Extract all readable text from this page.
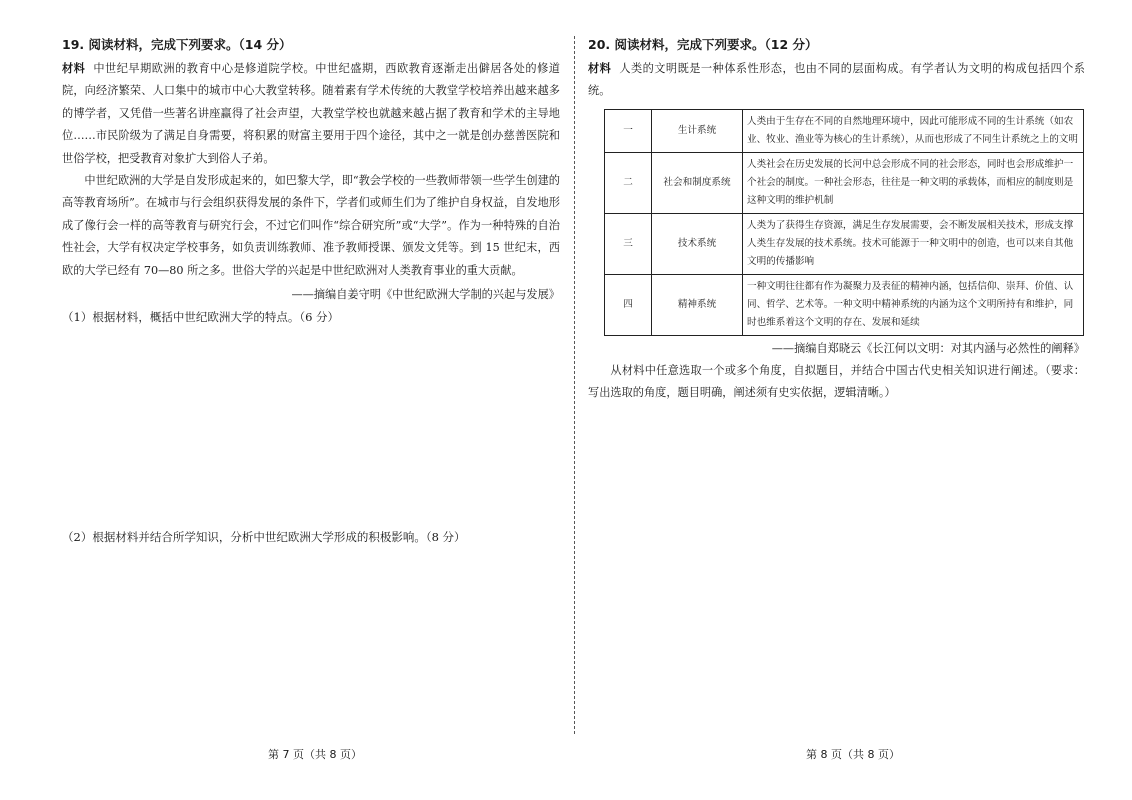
19. 阅读材料，完成下列要求。（14 分）

材料 中世纪早期欧洲的教育中心是修道院学校。中世纪盛期，西欧教育逐渐走出僻居各处的修道院，向经济繁荣、人口集中的城市中心大教堂转移。随着素有学术传统的大教堂学校培养出越来越多的博学者，又凭借一些著名讲座赢得了社会声望，大教堂学校也就越来越占据了教育和学术的主导地位……市民阶级为了满足自身需要，将积累的财富主要用于四个途径，其中之一就是创办慈善医院和世俗学校，把受教育对象扩大到俗人子弟。

中世纪欧洲的大学是自发形成起来的，如巴黎大学，即“教会学校的一些教师带领一些学生创建的高等教育场所”。在城市与行会组织获得发展的条件下，学者们或师生们为了维护自身权益，自发地形成了像行会一样的高等教育与研究行会，不过它们叫作“综合研究所”或“大学”。作为一种特殊的自治性社会，大学有权决定学校事务，如负责训练教师、准予教师授课、颁发文凭等。到 15 世纪末，西欧的大学已经有 70—80 所之多。世俗大学的兴起是中世纪欧洲对人类教育事业的重大贡献。

——摘编自姜守明《中世纪欧洲大学制的兴起与发展》

（1）根据材料，概括中世纪欧洲大学的特点。（6 分）

（2）根据材料并结合所学知识，分析中世纪欧洲大学形成的积极影响。（8 分）

20. 阅读材料，完成下列要求。（12 分）

材料 人类的文明既是一种体系性形态，也由不同的层面构成。有学者认为文明的构成包括四个系统。

一	生计系统	人类由于生存在不同的自然地理环境中，因此可能形成不同的生计系统（如农业、牧业、渔业等为核心的生计系统），从而也形成了不同生计系统之上的文明
二	社会和制度系统	人类社会在历史发展的长河中总会形成不同的社会形态，同时也会形成维护一个社会的制度。一种社会形态，往往是一种文明的承载体，而相应的制度则是这种文明的维护机制
三	技术系统	人类为了获得生存资源，满足生存发展需要，会不断发展相关技术，形成支撑人类生存发展的技术系统。技术可能源于一种文明中的创造，也可以来自其他文明的传播影响
四	精神系统	一种文明往往都有作为凝聚力及表征的精神内涵，包括信仰、崇拜、价值、认同、哲学、艺术等。一种文明中精神系统的内涵为这个文明所持有和维护，同时也维系着这个文明的存在、发展和延续
——摘编自郑晓云《长江何以文明：对其内涵与必然性的阐释》

从材料中任意选取一个或多个角度，自拟题目，并结合中国古代史相关知识进行阐述。（要求：写出选取的角度，题目明确，阐述须有史实依据，逻辑清晰。）

第 7 页（共 8 页）	第 8 页（共 8 页）
